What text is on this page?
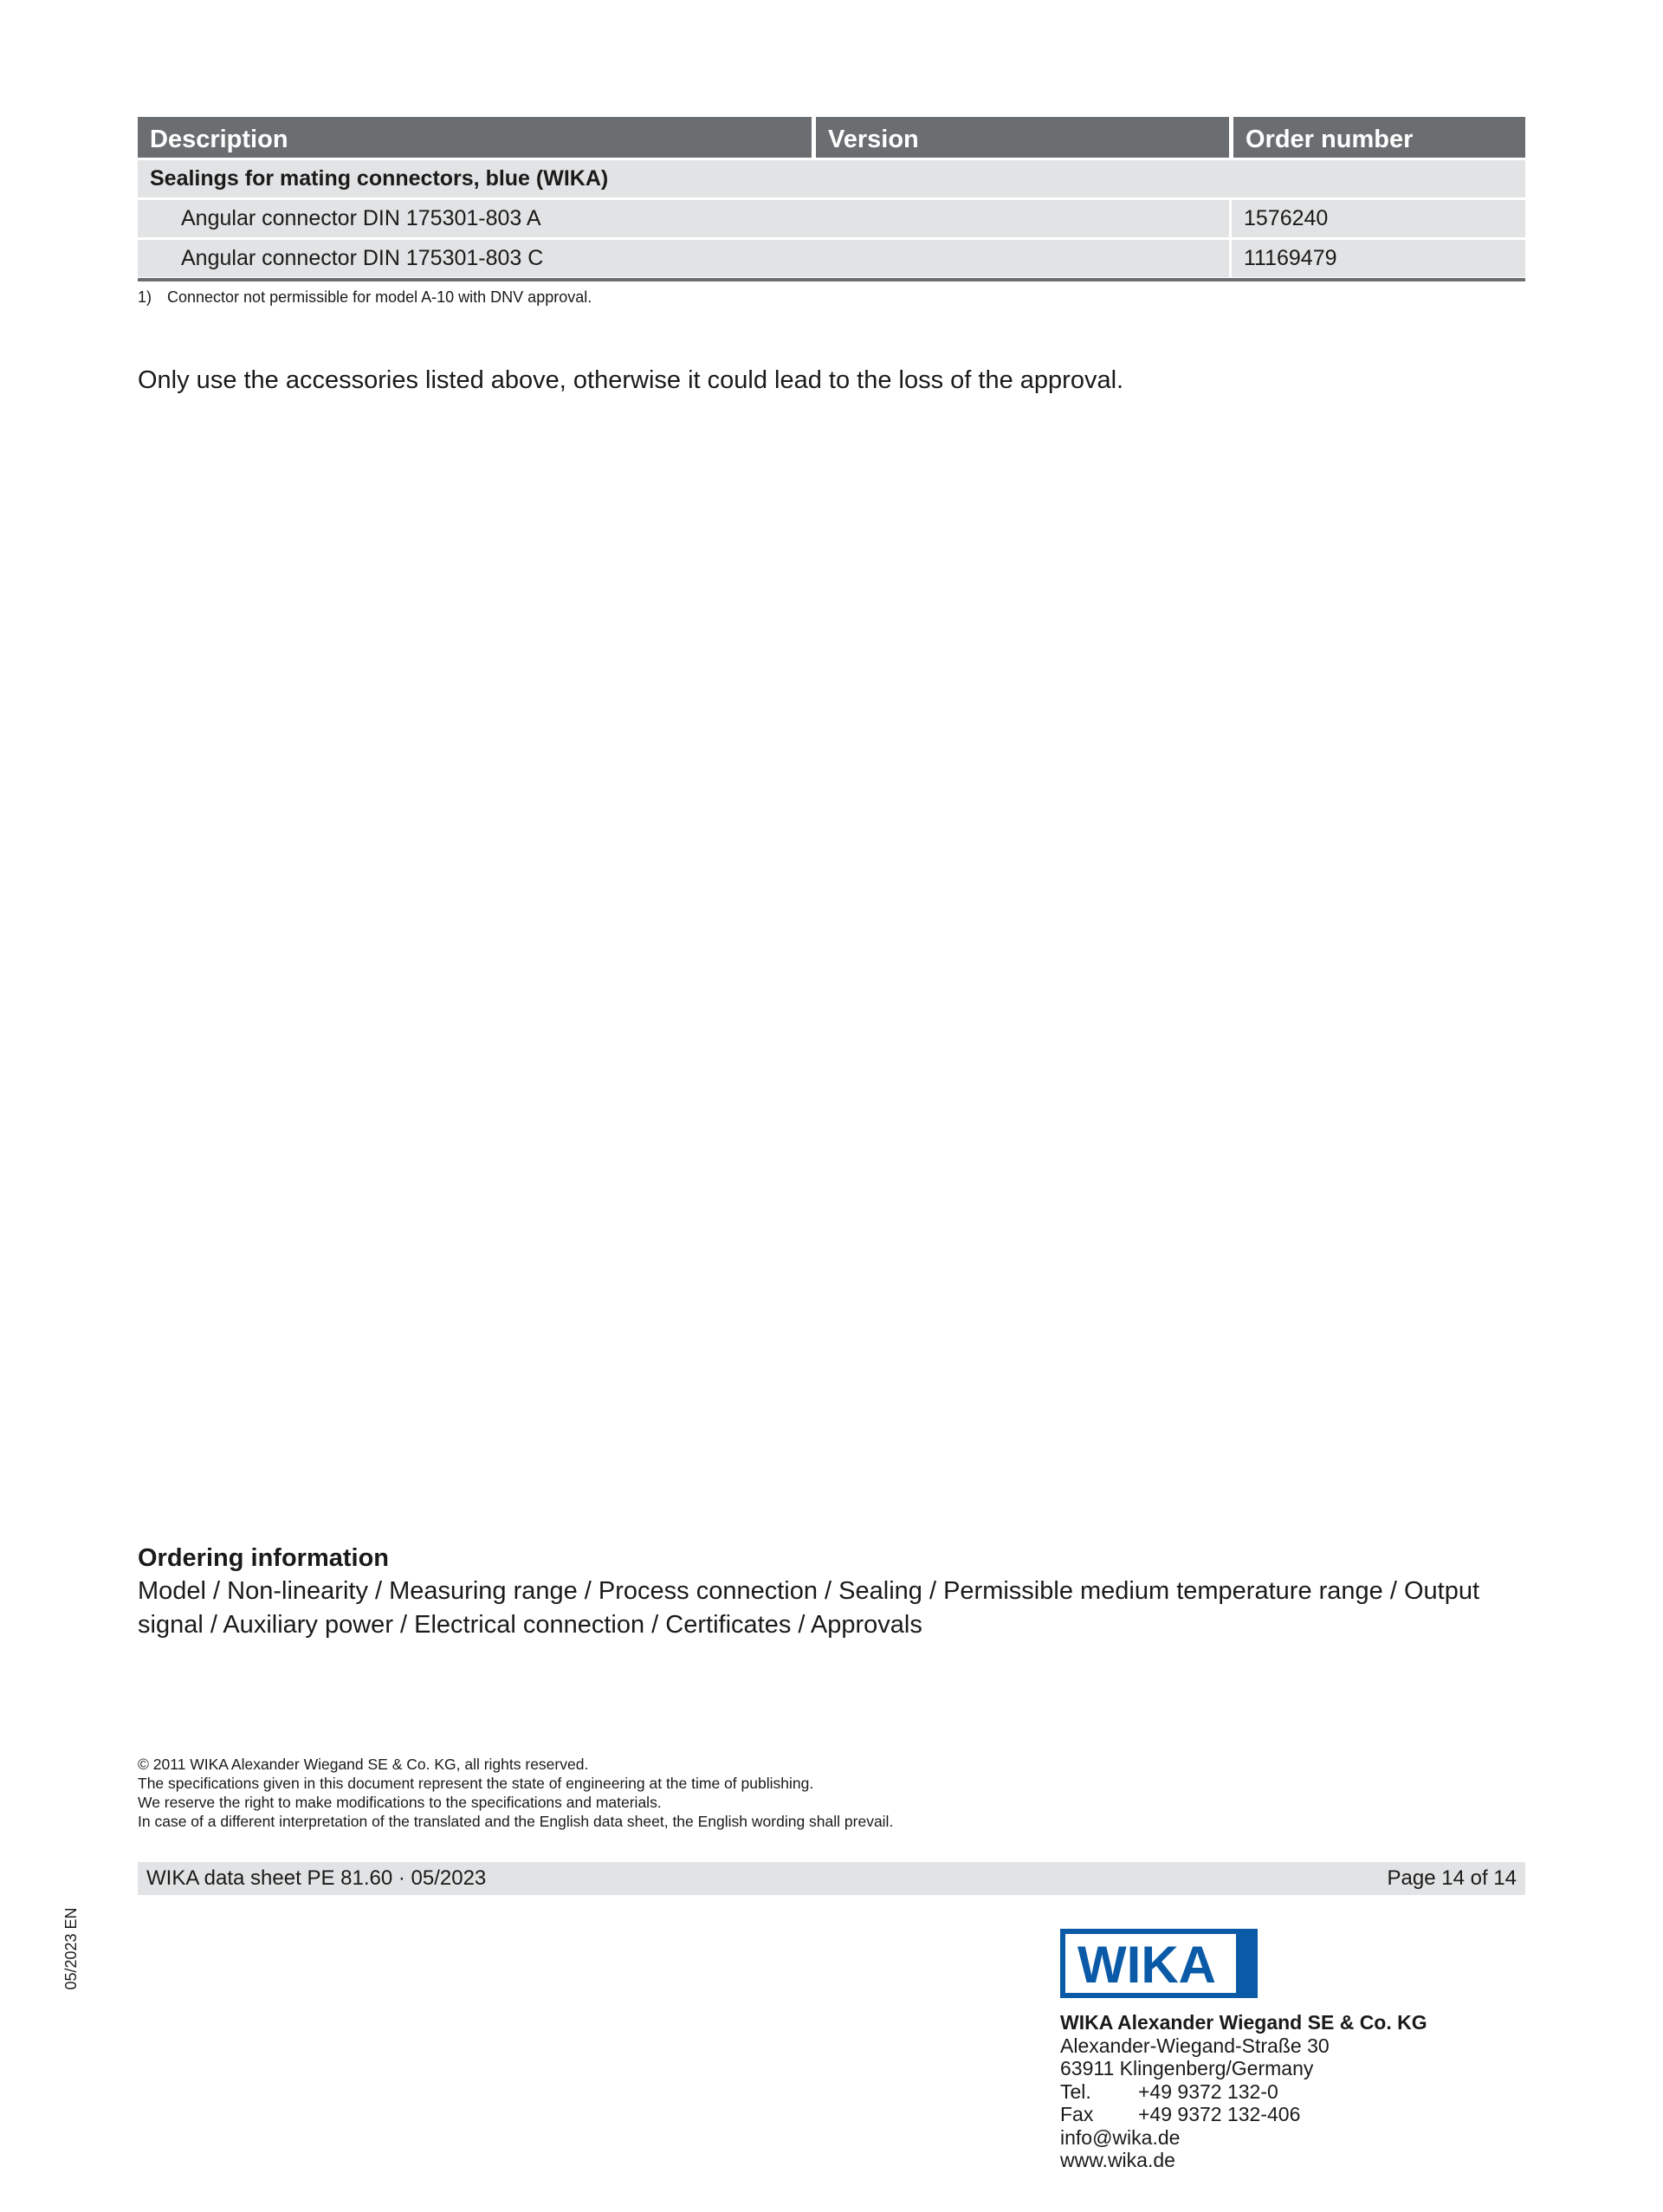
Description	Version	Order number
Sealings for mating connectors, blue (WIKA)
Angular connector DIN 175301-803 A	1576240
Angular connector DIN 175301-803 C	11169479
1) Connector not permissible for model A-10 with DNV approval.
Only use the accessories listed above, otherwise it could lead to the loss of the approval.
Ordering information

Model / Non-linearity / Measuring range / Process connection / Sealing / Permissible medium temperature range / Output

signal / Auxiliary power / Electrical connection / Certificates / Approvals

© 2011 WIKA Alexander Wiegand SE & Co. KG, all rights reserved.
The specifications given in this document represent the state of engineering at the time of publishing.
We reserve the right to make modifications to the specifications and materials.
In case of a different interpretation of the translated and the English data sheet, the English wording shall prevail.
WIKA data sheet PE 81.60 · 05/2023	Page 14 of 14
05/2023 EN	WIKA
WIKA Alexander Wiegand SE & Co. KG
Alexander-Wiegand-Straße 30
63911 Klingenberg/Germany
Tel. +49 9372 132-0
Fax +49 9372 132-406
info@wika.de
www.wika.de
